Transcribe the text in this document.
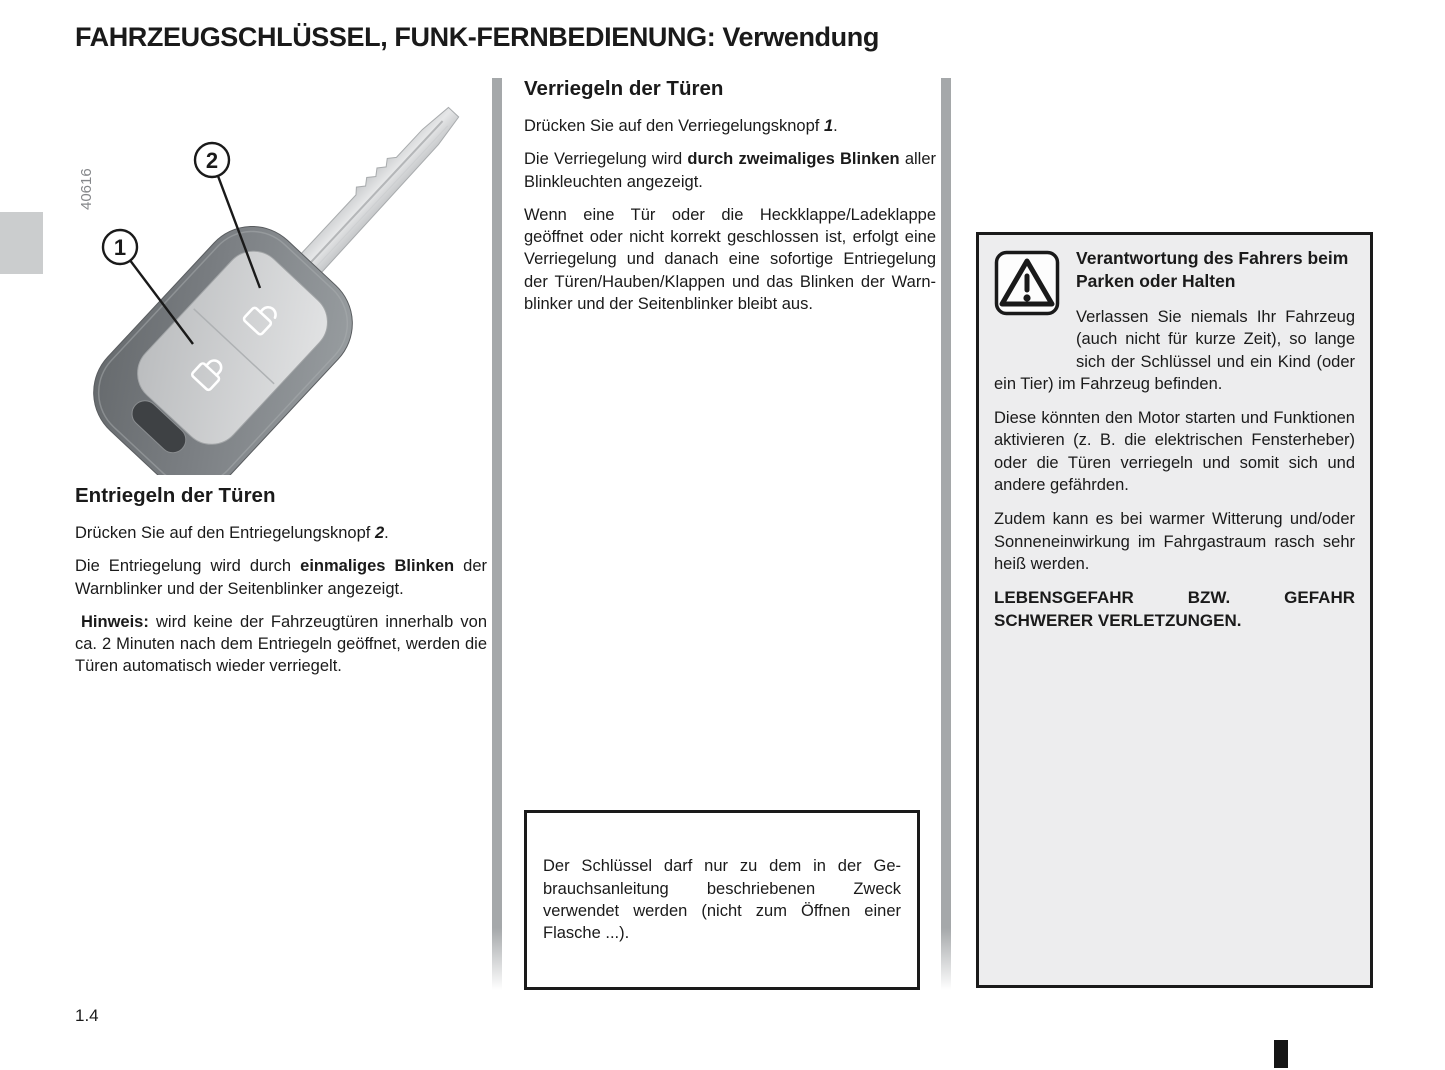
FAHRZEUGSCHLÜSSEL, FUNK-FERNBEDIENUNG: Verwendung
40616
2
1
Entriegeln der Türen

Drücken Sie auf den Entriegelungsknopf 2.

Die Entriegelung wird durch einmaliges Blinken der Warnblinker und der Seitenblinker angezeigt.

Hinweis: wird keine der Fahrzeugtüren innerhalb von ca. 2 Minuten nach dem Entriegeln geöffnet, werden die Türen automatisch wieder verriegelt.

Verriegeln der Türen

Drücken Sie auf den Verriegelungsknopf 1.

Die Verriegelung wird durch zweimaliges Blinken aller Blinkleuchten angezeigt.

Wenn eine Tür oder die Heckklappe/Ladeklappe geöffnet oder nicht korrekt geschlossen ist, erfolgt eine Verriegelung und danach eine sofortige Entriegelung der Türen/Hauben/Klappen und das Blinken der Warnblinker und der Seitenblinker bleibt aus.

Der Schlüssel darf nur zu dem in der Gebrauchsanleitung beschriebenen Zweck verwendet werden (nicht zum Öffnen einer Flasche ...).

Verantwortung des Fahrers beim Parken oder Halten

Verlassen Sie niemals Ihr Fahrzeug (auch nicht für kurze Zeit), so lange sich der Schlüssel und ein Kind (oder ein Tier) im Fahrzeug befinden.

Diese könnten den Motor starten und Funktionen aktivieren (z. B. die elektrischen Fensterheber) oder die Türen verriegeln und somit sich und andere gefährden.

Zudem kann es bei warmer Witterung und/oder Sonneneinwirkung im Fahrgastraum rasch sehr heiß werden.

LEBENSGEFAHR BZW. GEFAHR SCHWERER VERLETZUNGEN.

1.4
